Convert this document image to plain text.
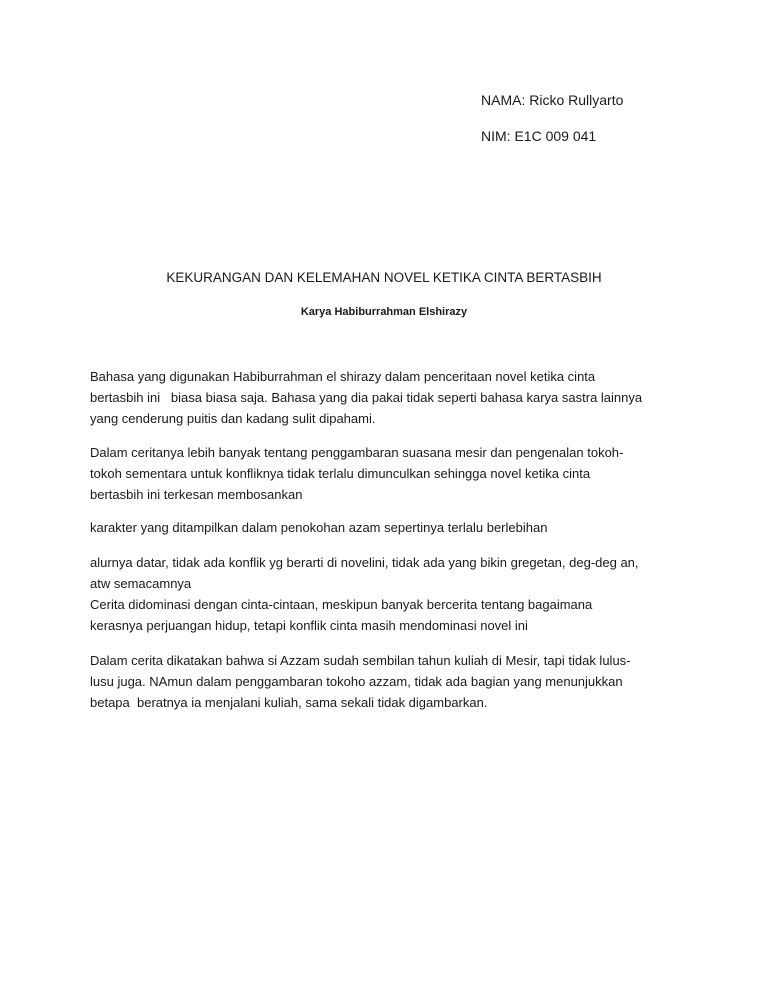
NAMA: Ricko Rullyarto
NIM: E1C 009 041
KEKURANGAN DAN KELEMAHAN NOVEL KETIKA CINTA BERTASBIH
Karya Habiburrahman Elshirazy
Bahasa yang digunakan Habiburrahman el shirazy dalam penceritaan novel ketika cinta
bertasbih ini   biasa biasa saja. Bahasa yang dia pakai tidak seperti bahasa karya sastra lainnya
yang cenderung puitis dan kadang sulit dipahami.
Dalam ceritanya lebih banyak tentang penggambaran suasana mesir dan pengenalan tokoh-
tokoh sementara untuk konfliknya tidak terlalu dimunculkan sehingga novel ketika cinta
bertasbih ini terkesan membosankan
karakter yang ditampilkan dalam penokohan azam sepertinya terlalu berlebihan
alurnya datar, tidak ada konflik yg berarti di novelini, tidak ada yang bikin gregetan, deg-deg an,
atw semacamnya
Cerita didominasi dengan cinta-cintaan, meskipun banyak bercerita tentang bagaimana
kerasnya perjuangan hidup, tetapi konflik cinta masih mendominasi novel ini
Dalam cerita dikatakan bahwa si Azzam sudah sembilan tahun kuliah di Mesir, tapi tidak lulus-
lusu juga. NAmun dalam penggambaran tokoho azzam, tidak ada bagian yang menunjukkan
betapa  beratnya ia menjalani kuliah, sama sekali tidak digambarkan.
